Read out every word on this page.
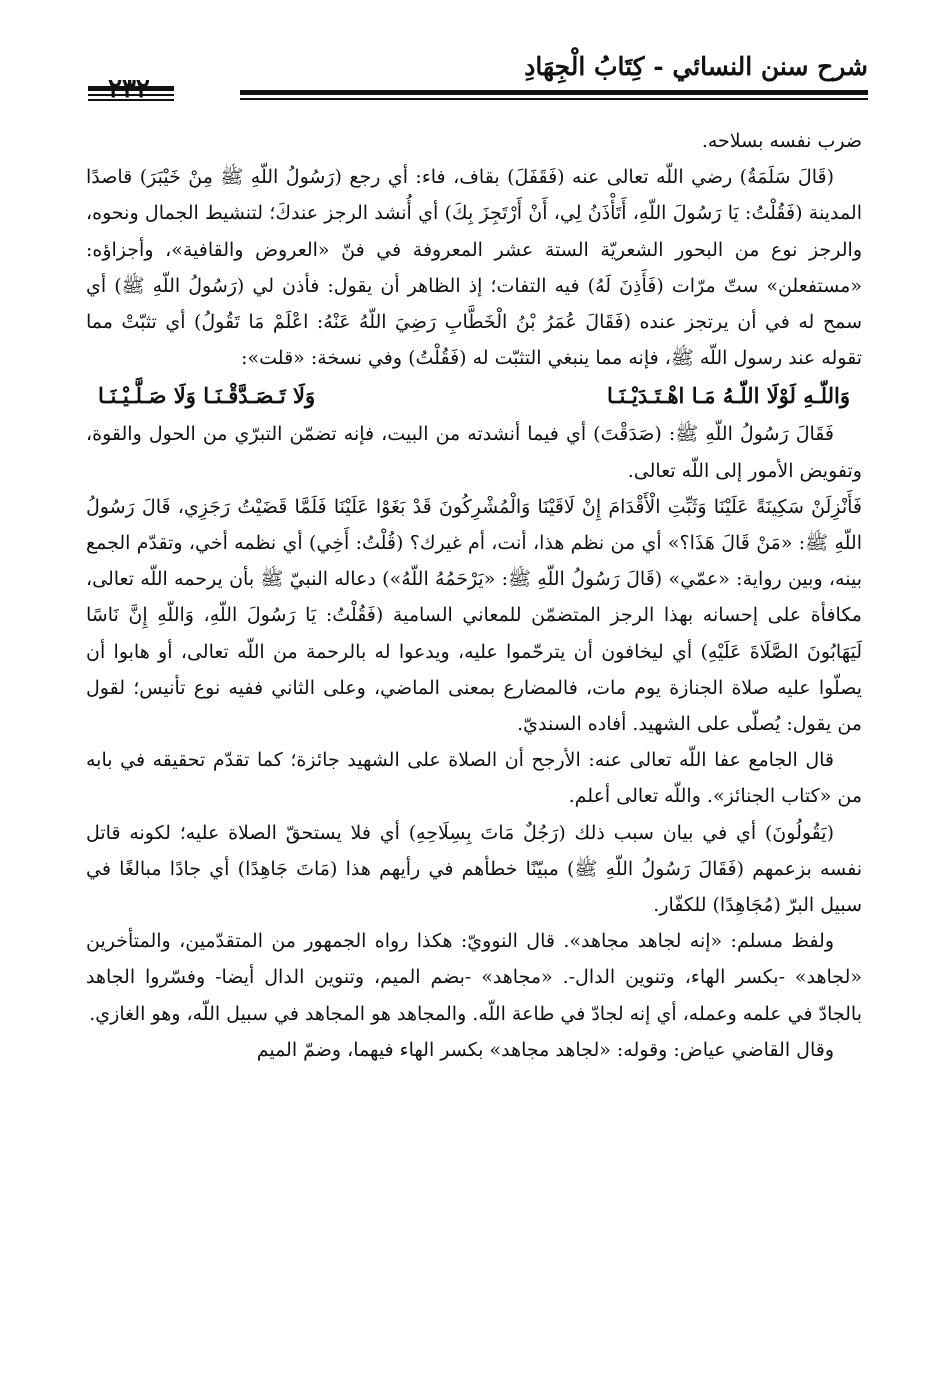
شرح سنن النسائي - كِتَابُ الْجِهَادِ

ضرب نفسه بسلاحه.

(قَالَ سَلَمَةُ) رضي اللّه تعالى عنه (فَقَفَلَ) بقاف، فاء: أي رجع (رَسُولُ اللّهِ ﷺ مِنْ خَيْبَرَ) قاصدًا المدينة (فَقُلْتُ: يَا رَسُولَ اللّهِ، أَتَأْذَنُ لِي، أَنْ أَرْتَجِزَ بِكَ) أي أُنشد الرجز عندكَ؛ لتنشيط الجمال ونحوه، والرجز نوع من البحور الشعريّة الستة عشر المعروفة في فنّ «العروض والقافية»، وأجزاؤه: «مستفعلن» ستّ مرّات (فَأَذِنَ لَهُ) فيه التفات؛ إذ الظاهر أن يقول: فأذن لي (رَسُولُ اللّهِ ﷺ) أي سمح له في أن يرتجز عنده (فَقَالَ عُمَرُ بْنُ الْخَطَّابِ رَضِيَ اللّهُ عَنْهُ: اعْلَمْ مَا تَقُولُ) أي تثبّتْ مما تقوله عند رسول اللّه ﷺ، فإنه مما ينبغي التثبّت له (فَقُلْتُ) وفي نسخة: «قلت»:

وَاللّـهِ لَوْلَا اللّـهُ مَـا اهْـتَـدَيْـنَـا
وَلَا تَـصَـدَّقْـنَـا وَلَا صَـلَّـيْـنَـا

فَقَالَ رَسُولُ اللّهِ ﷺ: (صَدَقْتَ) أي فيما أنشدته من البيت، فإنه تضمّن التبرّي من الحول والقوة، وتفويض الأمور إلى اللّه تعالى.

فَأَنْزِلَنْ سَكِينَةً عَلَيْنَا وَثَبِّتِ الْأَقْدَامَ إِنْ لَاقَيْنَا وَالْمُشْرِكُونَ قَدْ بَغَوْا عَلَيْنَا فَلَمَّا قَضَيْتُ رَجَزِي، قَالَ رَسُولُ اللّهِ ﷺ: «مَنْ قَالَ هَذَا؟» أي من نظم هذا، أنت، أم غيرك؟ (قُلْتُ: أَخِي) أي نظمه أخي، وتقدّم الجمع بينه، وبين رواية: «عمّي» (قَالَ رَسُولُ اللّهِ ﷺ: «يَرْحَمُهُ اللّهُ») دعاله النبيّ ﷺ بأن يرحمه اللّه تعالى، مكافأة على إحسانه بهذا الرجز المتضمّن للمعاني السامية (فَقُلْتُ: يَا رَسُولَ اللّهِ، وَاللّهِ إِنَّ نَاسًا لَيَهَابُونَ الصَّلَاةَ عَلَيْهِ) أي ليخافون أن يترحّموا عليه، ويدعوا له بالرحمة من اللّه تعالى، أو هابوا أن يصلّوا عليه صلاة الجنازة يوم مات، فالمضارع بمعنى الماضي، وعلى الثاني ففيه نوع تأنيس؛ لقول من يقول: يُصلّى على الشهيد. أفاده السنديّ.

قال الجامع عفا اللّه تعالى عنه: الأرجح أن الصلاة على الشهيد جائزة؛ كما تقدّم تحقيقه في بابه من «كتاب الجنائز». واللّه تعالى أعلم.

(يَقُولُونَ) أي في بيان سبب ذلك (رَجُلٌ مَاتَ بِسِلَاحِهِ) أي فلا يستحقّ الصلاة عليه؛ لكونه قاتل نفسه بزعمهم (فَقَالَ رَسُولُ اللّهِ ﷺ) مبيّنًا خطأهم في رأيهم هذا (مَاتَ جَاهِدًا) أي جادًا مبالغًا في سبيل البرّ (مُجَاهِدًا) للكفّار.

ولفظ مسلم: «إنه لجاهد مجاهد». قال النوويّ: هكذا رواه الجمهور من المتقدّمين، والمتأخرين «لجاهد» -بكسر الهاء، وتنوين الدال-. «مجاهد» -بضم الميم، وتنوين الدال أيضا- وفسّروا الجاهد بالجادّ في علمه وعمله، أي إنه لجادّ في طاعة اللّه. والمجاهد هو المجاهد في سبيل اللّه، وهو الغازي.

وقال القاضي عياض: وقوله: «لجاهد مجاهد» بكسر الهاء فيهما، وضمّ الميم
